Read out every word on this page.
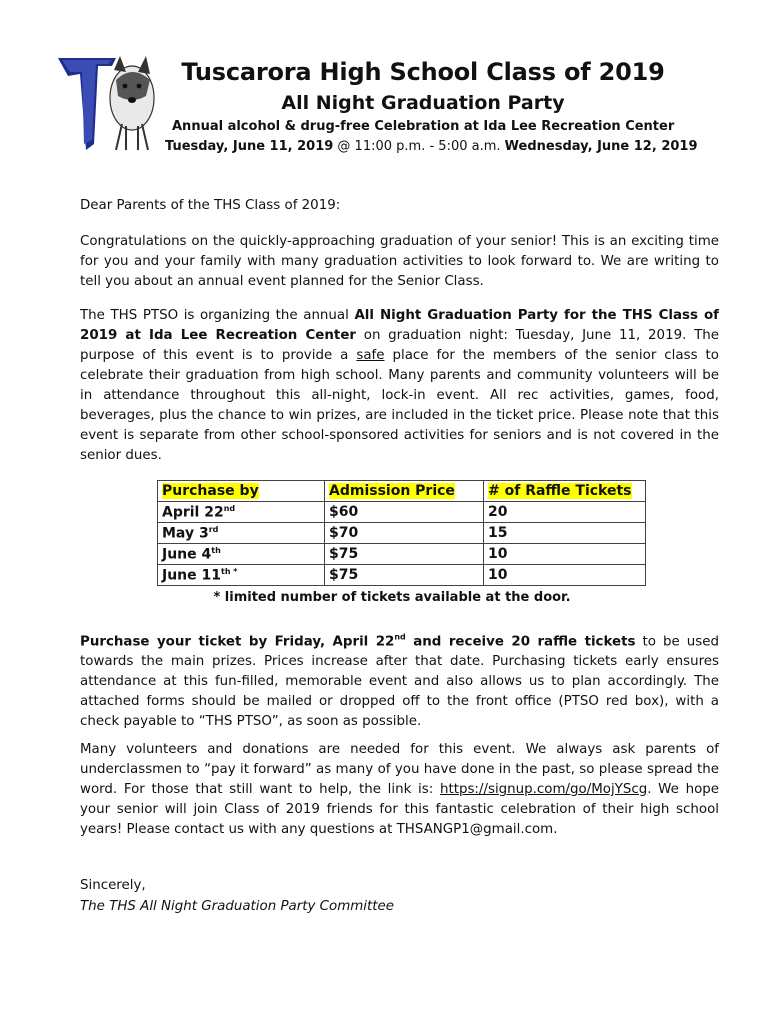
Tuscarora High School Class of 2019
All Night Graduation Party
Annual alcohol & drug-free Celebration at Ida Lee Recreation Center
Tuesday, June 11, 2019 @ 11:00 p.m. - 5:00 a.m. Wednesday, June 12, 2019
Dear Parents of the THS Class of 2019:
Congratulations on the quickly-approaching graduation of your senior! This is an exciting time for you and your family with many graduation activities to look forward to. We are writing to tell you about an annual event planned for the Senior Class.
The THS PTSO is organizing the annual All Night Graduation Party for the THS Class of 2019 at Ida Lee Recreation Center on graduation night: Tuesday, June 11, 2019. The purpose of this event is to provide a safe place for the members of the senior class to celebrate their graduation from high school. Many parents and community volunteers will be in attendance throughout this all-night, lock-in event. All rec activities, games, food, beverages, plus the chance to win prizes, are included in the ticket price. Please note that this event is separate from other school-sponsored activities for seniors and is not covered in the senior dues.
Purchase by	Admission Price	# of Raffle Tickets
April 22nd	$60	20
May 3rd	$70	15
June 4th	$75	10
June $11^{th *}$	$75	10
* limited number of tickets available at the door.
Purchase your ticket by Friday, April 22nd and receive 20 raffle tickets to be used towards the main prizes. Prices increase after that date. Purchasing tickets early ensures attendance at this fun-filled, memorable event and also allows us to plan accordingly. The attached forms should be mailed or dropped off to the front office (PTSO red box), with a check payable to “THS PTSO”, as soon as possible.
Many volunteers and donations are needed for this event. We always ask parents of underclassmen to “pay it forward” as many of you have done in the past, so please spread the word. For those that still want to help, the link is: https://signup.com/go/MojYScg. We hope your senior will join Class of 2019 friends for this fantastic celebration of their high school years! Please contact us with any questions at THSANGP1@gmail.com.
Sincerely,
The THS All Night Graduation Party Committee
